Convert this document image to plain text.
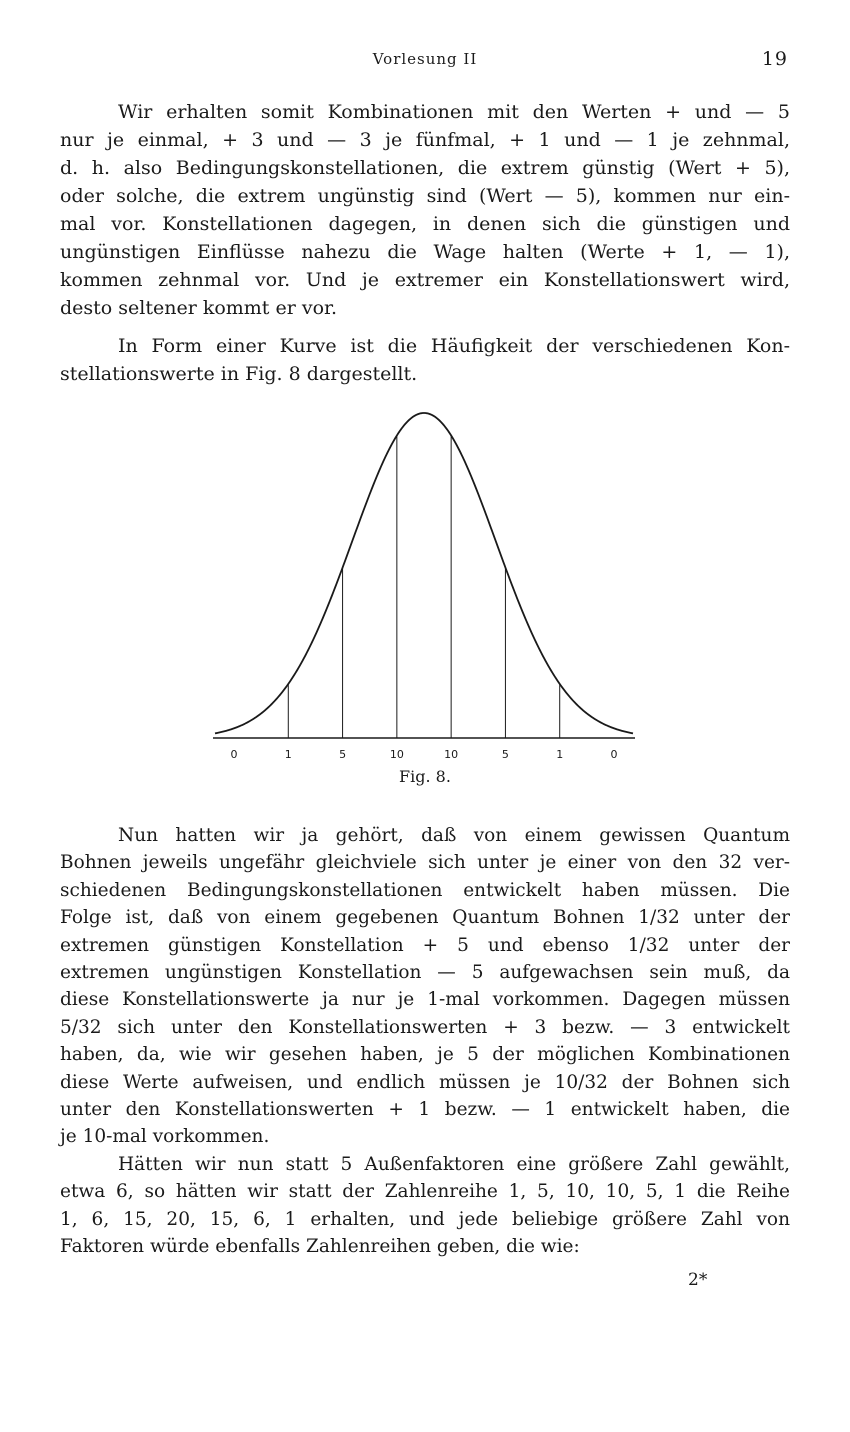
Vorlesung II	19
Wir erhalten somit Kombinationen mit den Werten + und — 5
nur je einmal, + 3 und — 3 je fünfmal, + 1 und — 1 je zehnmal,
d. h. also Bedingungskonstellationen, die extrem günstig (Wert + 5),
oder solche, die extrem ungünstig sind (Wert — 5), kommen nur ein-
mal vor. Konstellationen dagegen, in denen sich die günstigen und
ungünstigen Einflüsse nahezu die Wage halten (Werte + 1, — 1),
kommen zehnmal vor. Und je extremer ein Konstellationswert wird,
desto seltener kommt er vor.
In Form einer Kurve ist die Häufigkeit der verschiedenen Kon-
stellationswerte in Fig. 8 dargestellt.
0	1	5	10	10	5	1	0
Fig. 8.
Nun hatten wir ja gehört, daß von einem gewissen Quantum
Bohnen jeweils ungefähr gleichviele sich unter je einer von den 32 ver-
schiedenen Bedingungskonstellationen entwickelt haben müssen. Die
Folge ist, daß von einem gegebenen Quantum Bohnen 1/32 unter der
extremen günstigen Konstellation + 5 und ebenso 1/32 unter der
extremen ungünstigen Konstellation — 5 aufgewachsen sein muß, da
diese Konstellationswerte ja nur je 1-mal vorkommen. Dagegen müssen
5/32 sich unter den Konstellationswerten + 3 bezw. — 3 entwickelt
haben, da, wie wir gesehen haben, je 5 der möglichen Kombinationen
diese Werte aufweisen, und endlich müssen je 10/32 der Bohnen sich
unter den Konstellationswerten + 1 bezw. — 1 entwickelt haben, die
je 10-mal vorkommen.
Hätten wir nun statt 5 Außenfaktoren eine größere Zahl gewählt,
etwa 6, so hätten wir statt der Zahlenreihe 1, 5, 10, 10, 5, 1 die Reihe
1, 6, 15, 20, 15, 6, 1 erhalten, und jede beliebige größere Zahl von
Faktoren würde ebenfalls Zahlenreihen geben, die wie:
2*
